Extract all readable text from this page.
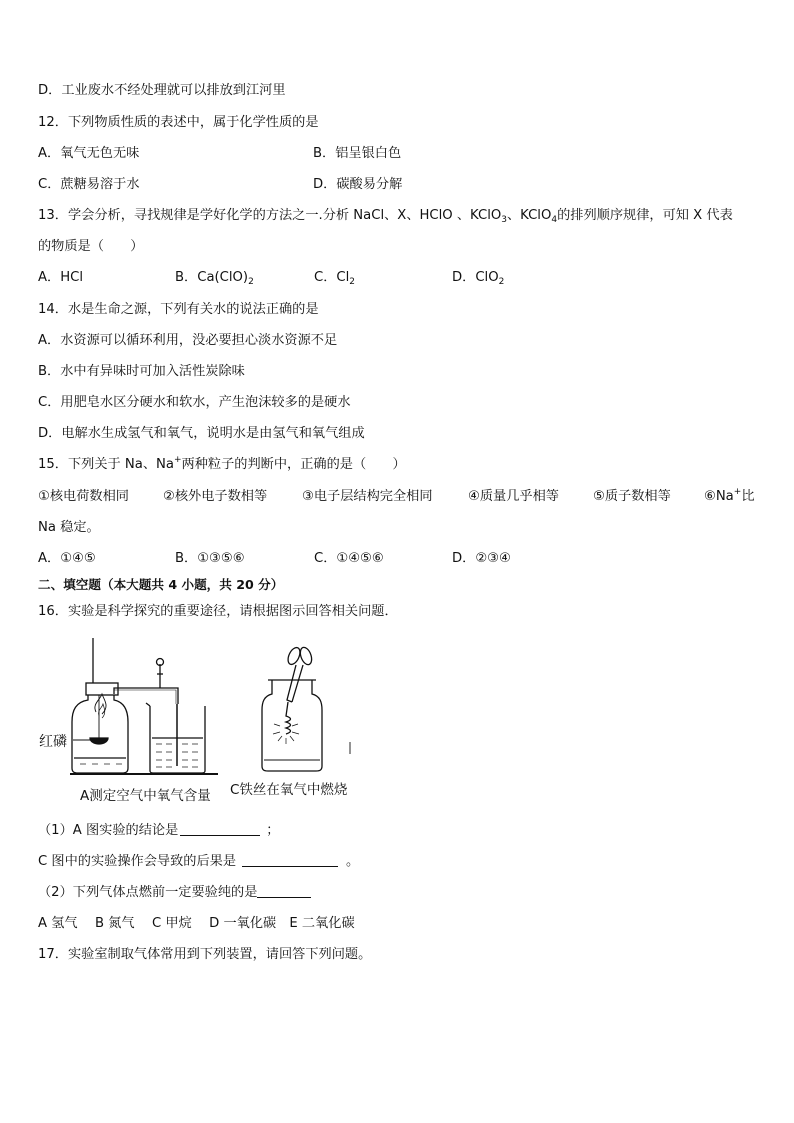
D．工业废水不经处理就可以排放到江河里
12．下列物质性质的表述中，属于化学性质的是
A．氧气无色无味	B．铝呈银白色
C．蔗糖易溶于水	D．碳酸易分解
13．学会分析，寻找规律是学好化学的方法之一.分析 NaCl、X、HClO 、KClO$_3$、KClO$_4$的排列顺序规律，可知 X 代表
的物质是（　　）
A．HCl	B．$Ca(ClO)_2$	C．$Cl_2$	D．ClO$_2$
14．水是生命之源，下列有关水的说法正确的是
A．水资源可以循环利用，没必要担心淡水资源不足
B．水中有异味时可加入活性炭除味
C．用肥皂水区分硬水和软水，产生泡沫较多的是硬水
D．电解水生成氢气和氧气，说明水是由氢气和氧气组成
15．下列关于 Na、Na+两种粒子的判断中，正确的是（　　）
①核电荷数相同	②核外电子数相等	③电子层结构完全相同	④质量几乎相等	⑤质子数相等	⑥Na+比
Na 稳定。
A．①④⑤	B．①③⑤⑥	C．①④⑤⑥	D．②③④
二、填空题（本大题共 4 小题，共 20 分）
16．实验是科学探究的重要途径，请根据图示回答相关问题．
红磷
A测定空气中氧气含量 C铁丝在氧气中燃烧
（1）A 图实验的结论是	；
C 图中的实验操作会导致的后果是	。
（2）下列气体点燃前一定要验纯的是
A 氢气　 B 氮气　 C 甲烷　 D 一氧化碳　E 二氧化碳
17．实验室制取气体常用到下列装置，请回答下列问题。
